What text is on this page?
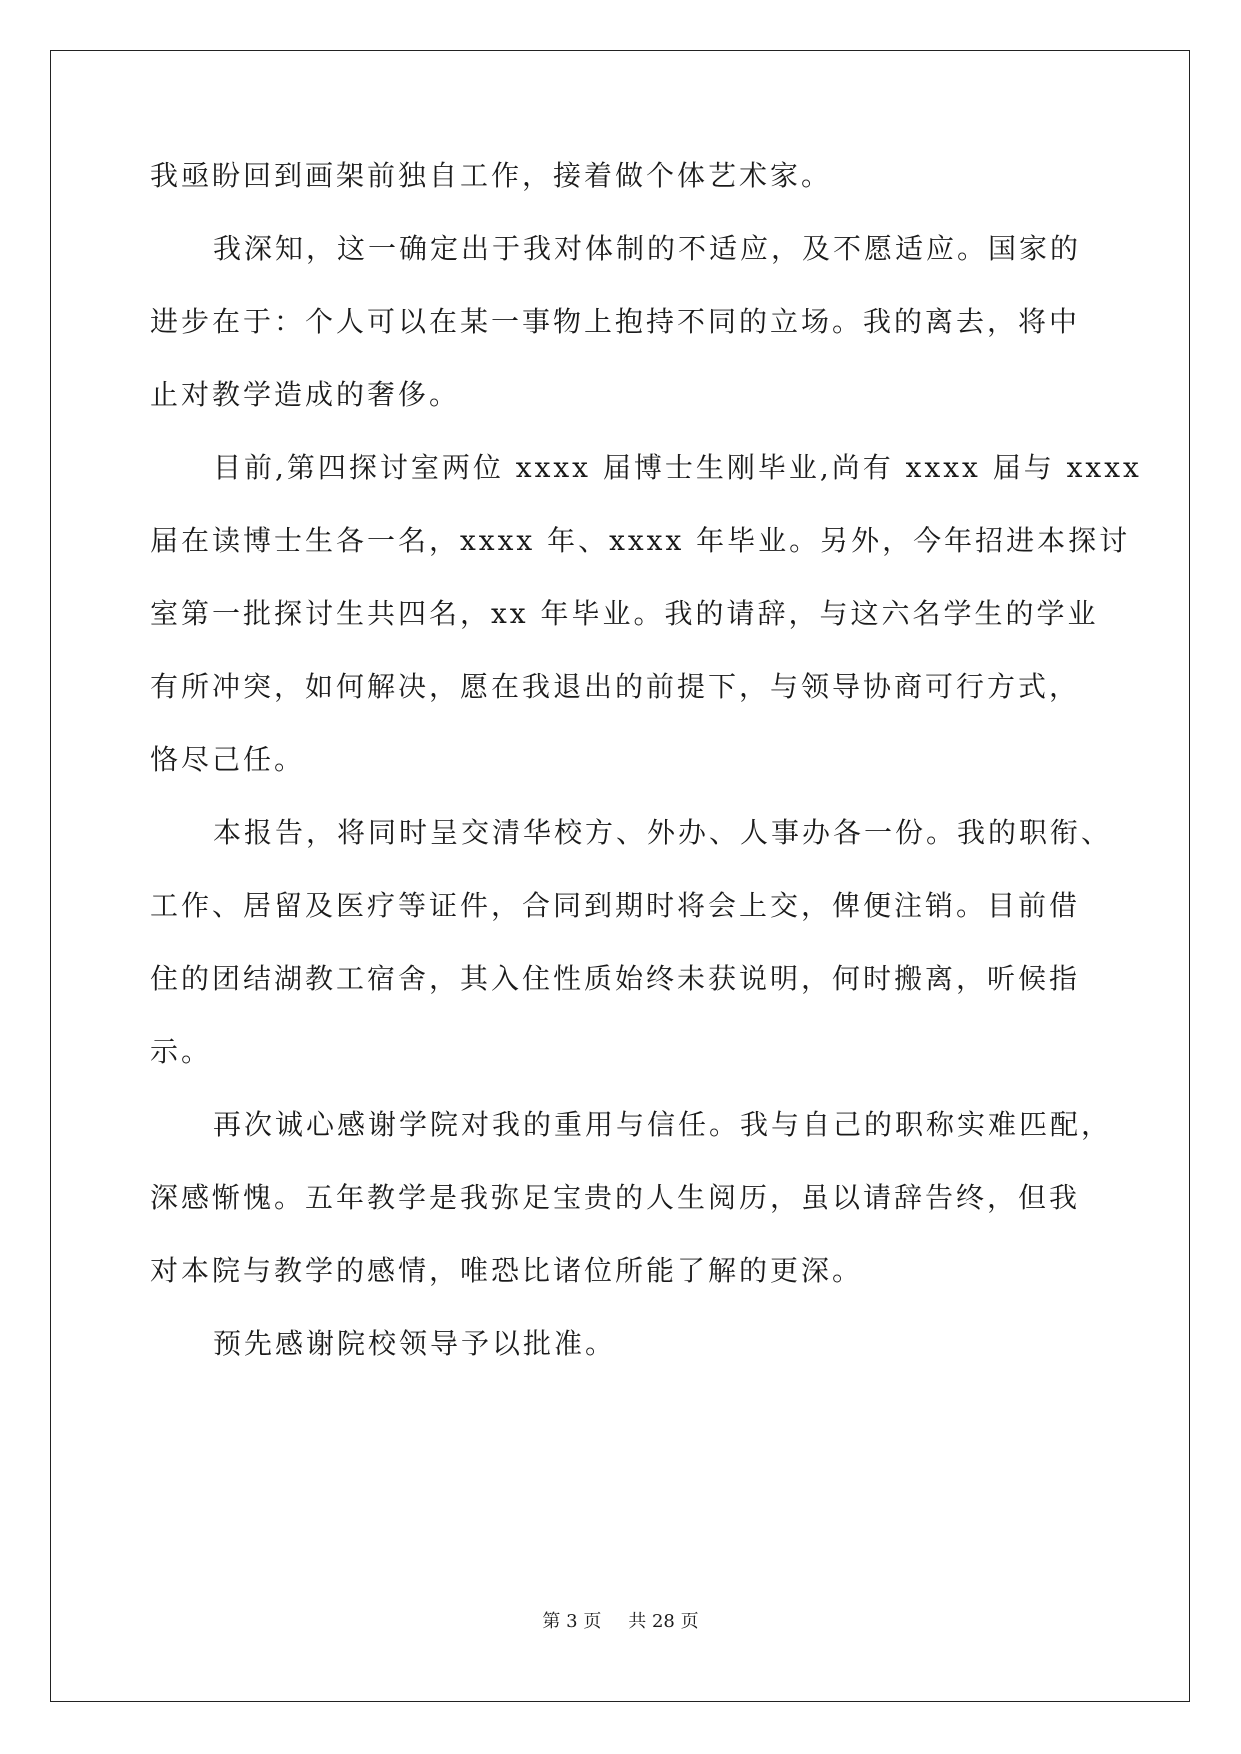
我亟盼回到画架前独自工作，接着做个体艺术家。
我深知，这一确定出于我对体制的不适应，及不愿适应。国家的
进步在于：个人可以在某一事物上抱持不同的立场。我的离去，将中
止对教学造成的奢侈。
目前,第四探讨室两位 xxxx 届博士生刚毕业,尚有 xxxx 届与 xxxx
届在读博士生各一名，xxxx 年、xxxx 年毕业。另外，今年招进本探讨
室第一批探讨生共四名，xx 年毕业。我的请辞，与这六名学生的学业
有所冲突，如何解决，愿在我退出的前提下，与领导协商可行方式，
恪尽己任。
本报告，将同时呈交清华校方、外办、人事办各一份。我的职衔、
工作、居留及医疗等证件，合同到期时将会上交，俾便注销。目前借
住的团结湖教工宿舍，其入住性质始终未获说明，何时搬离，听候指
示。
再次诚心感谢学院对我的重用与信任。我与自己的职称实难匹配，
深感惭愧。五年教学是我弥足宝贵的人生阅历，虽以请辞告终，但我
对本院与教学的感情，唯恐比诸位所能了解的更深。
预先感谢院校领导予以批准。
第 3 页 共 28 页
